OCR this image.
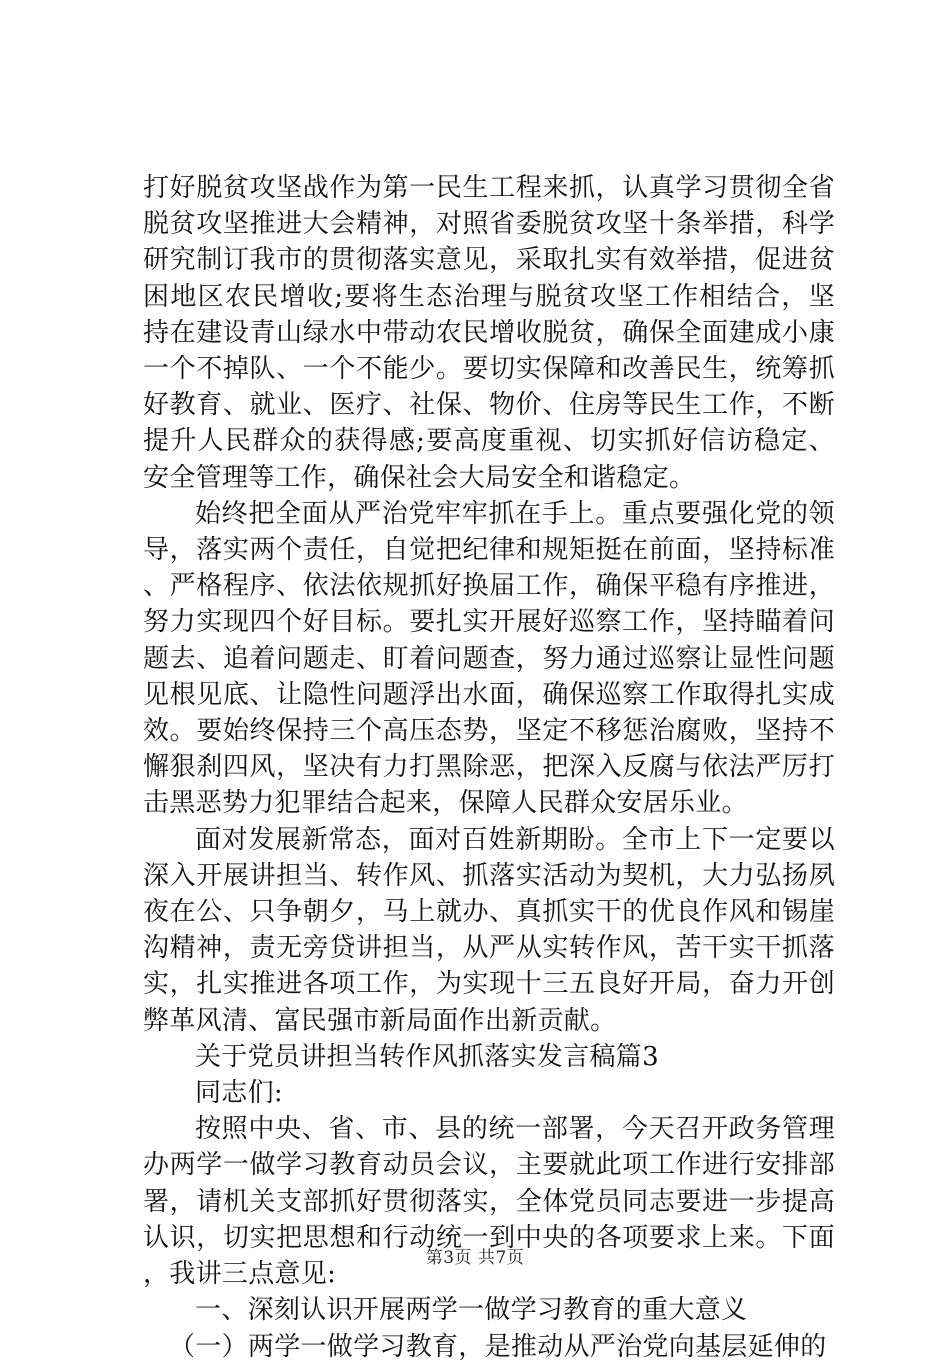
打好脱贫攻坚战作为第一民生工程来抓，认真学习贯彻全省脱贫攻坚推进大会精神，对照省委脱贫攻坚十条举措，科学研究制订我市的贯彻落实意见，采取扎实有效举措，促进贫困地区农民增收;要将生态治理与脱贫攻坚工作相结合，坚持在建设青山绿水中带动农民增收脱贫，确保全面建成小康一个不掉队、一个不能少。要切实保障和改善民生，统筹抓好教育、就业、医疗、社保、物价、住房等民生工作，不断提升人民群众的获得感;要高度重视、切实抓好信访稳定、安全管理等工作，确保社会大局安全和谐稳定。

始终把全面从严治党牢牢抓在手上。重点要强化党的领导，落实两个责任，自觉把纪律和规矩挺在前面，坚持标准、严格程序、依法依规抓好换届工作，确保平稳有序推进，努力实现四个好目标。要扎实开展好巡察工作，坚持瞄着问题去、追着问题走、盯着问题查，努力通过巡察让显性问题见根见底、让隐性问题浮出水面，确保巡察工作取得扎实成效。要始终保持三个高压态势，坚定不移惩治腐败，坚持不懈狠刹四风，坚决有力打黑除恶，把深入反腐与依法严厉打击黑恶势力犯罪结合起来，保障人民群众安居乐业。

面对发展新常态，面对百姓新期盼。全市上下一定要以深入开展讲担当、转作风、抓落实活动为契机，大力弘扬夙夜在公、只争朝夕，马上就办、真抓实干的优良作风和锡崖沟精神，责无旁贷讲担当，从严从实转作风，苦干实干抓落实，扎实推进各项工作，为实现十三五良好开局，奋力开创弊革风清、富民强市新局面作出新贡献。

关于党员讲担当转作风抓落实发言稿篇3

同志们:

按照中央、省、市、县的统一部署，今天召开政务管理办两学一做学习教育动员会议，主要就此项工作进行安排部署，请机关支部抓好贯彻落实，全体党员同志要进一步提高认识，切实把思想和行动统一到中央的各项要求上来。下面，我讲三点意见:

一、深刻认识开展两学一做学习教育的重大意义

（一）两学一做学习教育，是推动从严治党向基层延伸的

第3页 共7页
